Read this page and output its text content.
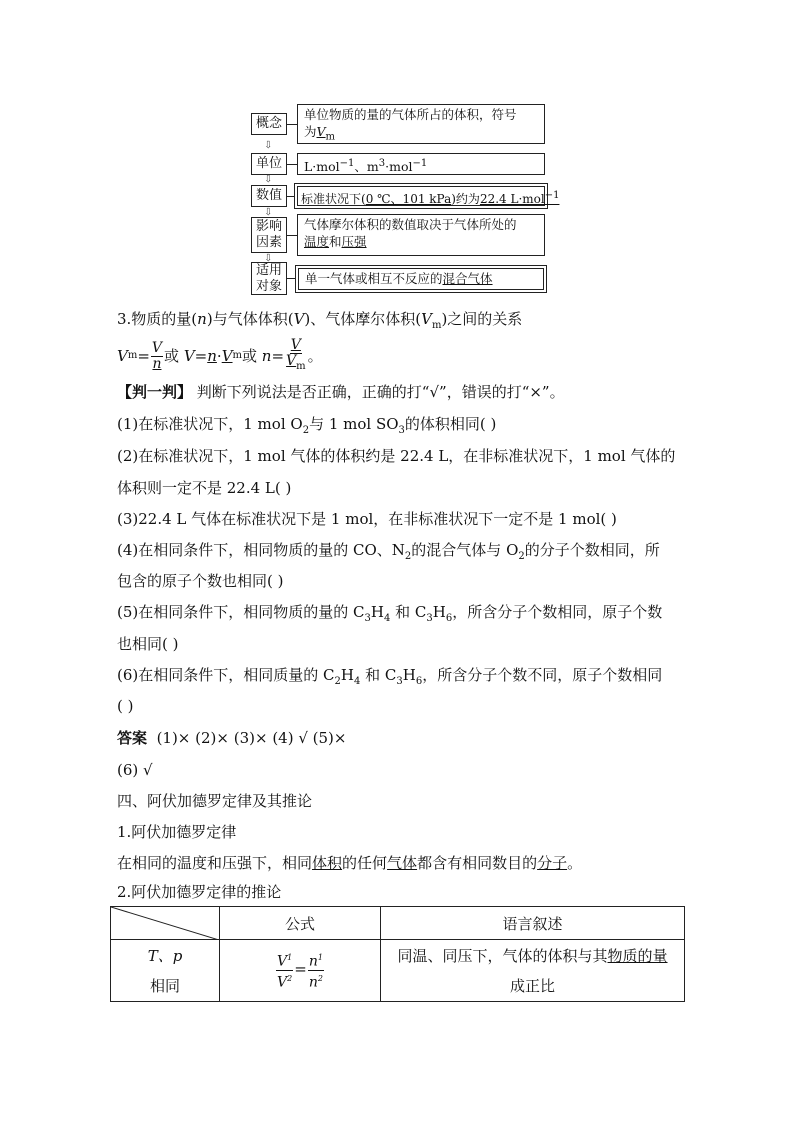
概念
单位物质的量的气体所占的体积，符号
为$V_m$
⇩
单位	L·mol$^{-1}$、$m^3\cdot mol^{-1}$
⇩
数值	标准状况下(0 ℃、101 kPa)约为22.4 L·mol$^{-1}$
⇩
影响
因素
气体摩尔体积的数值取决于气体所处的
温度和压强
⇩
适用
对象	单一气体或相互不反应的混合气体
3.物质的量(n)与气体体积(V)、气体摩尔体积$(V_m)$之间的关系
V $m = \frac{V}{n}$ 或 V = n · V m 或 $n = \frac{V}{V_m}$ 。
【判一判】 判断下列说法是否正确，正确的打“√”，错误的打“×”。
(1)在标准状况下，1 mol $O_2$与 1 mol $SO_3$的体积相同( )
(2)在标准状况下，1 mol 气体的体积约是 22.4 L，在非标准状况下，1 mol 气体的
体积则一定不是 22.4 L( )
(3)22.4 L 气体在标准状况下是 1 mol，在非标准状况下一定不是 1 mol( )
(4)在相同条件下，相同物质的量的 CO、$N_2$的混合气体与 $O_2$的分子个数相同，所
包含的原子个数也相同( )
(5)在相同条件下，相同物质的量的 $C_3H_4$ 和 $C_3H_6$，所含分子个数相同，原子个数
也相同( )
(6)在相同条件下，相同质量的 $C_2H_4$ 和 $C_3H_6$，所含分子个数不同，原子个数相同
( )
答案 (1)× (2)× (3)× (4) √ (5)×
(6) √
四、阿伏加德罗定律及其推论
1.阿伏加德罗定律
在相同的温度和压强下，相同体积的任何气体都含有相同数目的分子。
2.阿伏加德罗定律的推论
	公式	语言叙述
T、p
相同	$\frac{V^1}{V^2} = \frac{n^1}{n^2}$	同温、同压下，气体的体积与其物质的量
成正比
